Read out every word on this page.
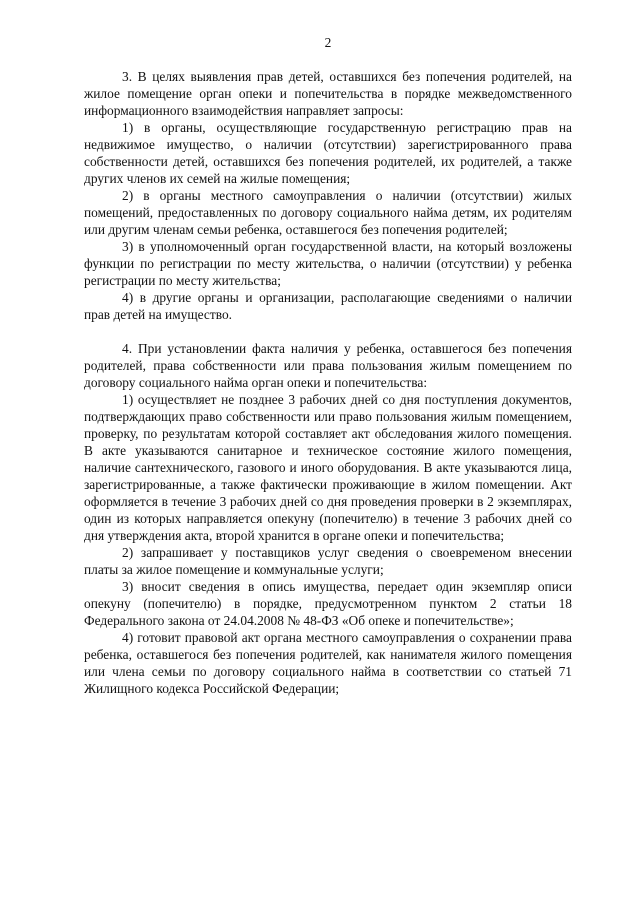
2

3. В целях выявления прав детей, оставшихся без попечения родителей, на жилое помещение орган опеки и попечительства в порядке межведомственного информационного взаимодействия направляет запросы:

1) в органы, осуществляющие государственную регистрацию прав на недвижимое имущество, о наличии (отсутствии) зарегистрированного права собственности детей, оставшихся без попечения родителей, их родителей, а также других членов их семей на жилые помещения;

2) в органы местного самоуправления о наличии (отсутствии) жилых помещений, предоставленных по договору социального найма детям, их родителям или другим членам семьи ребенка, оставшегося без попечения родителей;

3) в уполномоченный орган государственной власти, на который возложены функции по регистрации по месту жительства, о наличии (отсутствии) у ребенка регистрации по месту жительства;

4) в другие органы и организации, располагающие сведениями о наличии прав детей на имущество.

4. При установлении факта наличия у ребенка, оставшегося без попечения родителей, права собственности или права пользования жилым помещением по договору социального найма орган опеки и попечительства:

1) осуществляет не позднее 3 рабочих дней со дня поступления документов, подтверждающих право собственности или право пользования жилым помещением, проверку, по результатам которой составляет акт обследования жилого помещения. В акте указываются санитарное и техническое состояние жилого помещения, наличие сантехнического, газового и иного оборудования. В акте указываются лица, зарегистрированные, а также фактически проживающие в жилом помещении. Акт оформляется в течение 3 рабочих дней со дня проведения проверки в 2 экземплярах, один из которых направляется опекуну (попечителю) в течение 3 рабочих дней со дня утверждения акта, второй хранится в органе опеки и попечительства;

2) запрашивает у поставщиков услуг сведения о своевременом внесении платы за жилое помещение и коммунальные услуги;

3) вносит сведения в опись имущества, передает один экземпляр описи опекуну (попечителю) в порядке, предусмотренном пунктом 2 статьи 18 Федерального закона от 24.04.2008 № 48-ФЗ «Об опеке и попечительстве»;

4) готовит правовой акт органа местного самоуправления о сохранении права ребенка, оставшегося без попечения родителей, как нанимателя жилого помещения или члена семьи по договору социального найма в соответствии со статьей 71 Жилищного кодекса Российской Федерации;
